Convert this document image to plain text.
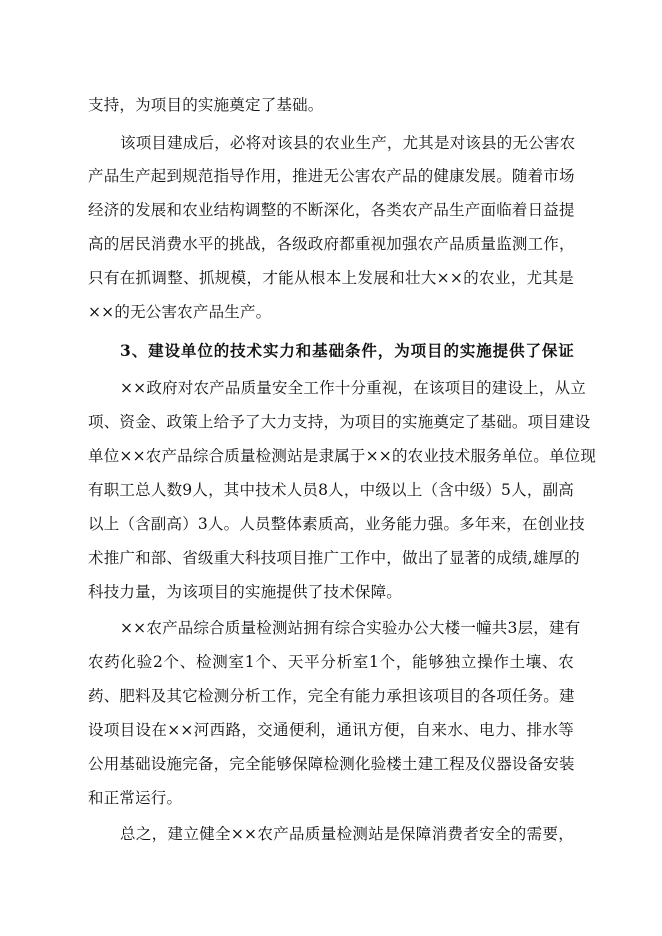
支持，为项目的实施奠定了基础。
该项目建成后，必将对该县的农业生产，尤其是对该县的无公害农
产品生产起到规范指导作用，推进无公害农产品的健康发展。随着市场
经济的发展和农业结构调整的不断深化，各类农产品生产面临着日益提
高的居民消费水平的挑战，各级政府都重视加强农产品质量监测工作，
只有在抓调整、抓规模，才能从根本上发展和壮大××的农业，尤其是
××的无公害农产品生产。
3、建设单位的技术实力和基础条件，为项目的实施提供了保证
××政府对农产品质量安全工作十分重视，在该项目的建设上，从立
项、资金、政策上给予了大力支持，为项目的实施奠定了基础。项目建设
单位××农产品综合质量检测站是隶属于××的农业技术服务单位。单位现
有职工总人数9人，其中技术人员8人，中级以上（含中级）5人，副高
以上（含副高）3人。人员整体素质高，业务能力强。多年来，在创业技
术推广和部、省级重大科技项目推广工作中，做出了显著的成绩,雄厚的
科技力量，为该项目的实施提供了技术保障。
××农产品综合质量检测站拥有综合实验办公大楼一幢共3层，建有
农药化验2个、检测室1个、天平分析室1个，能够独立操作土壤、农
药、肥料及其它检测分析工作，完全有能力承担该项目的各项任务。建
设项目设在××河西路，交通便利，通讯方便，自来水、电力、排水等
公用基础设施完备，完全能够保障检测化验楼土建工程及仪器设备安装
和正常运行。
总之，建立健全××农产品质量检测站是保障消费者安全的需要，
